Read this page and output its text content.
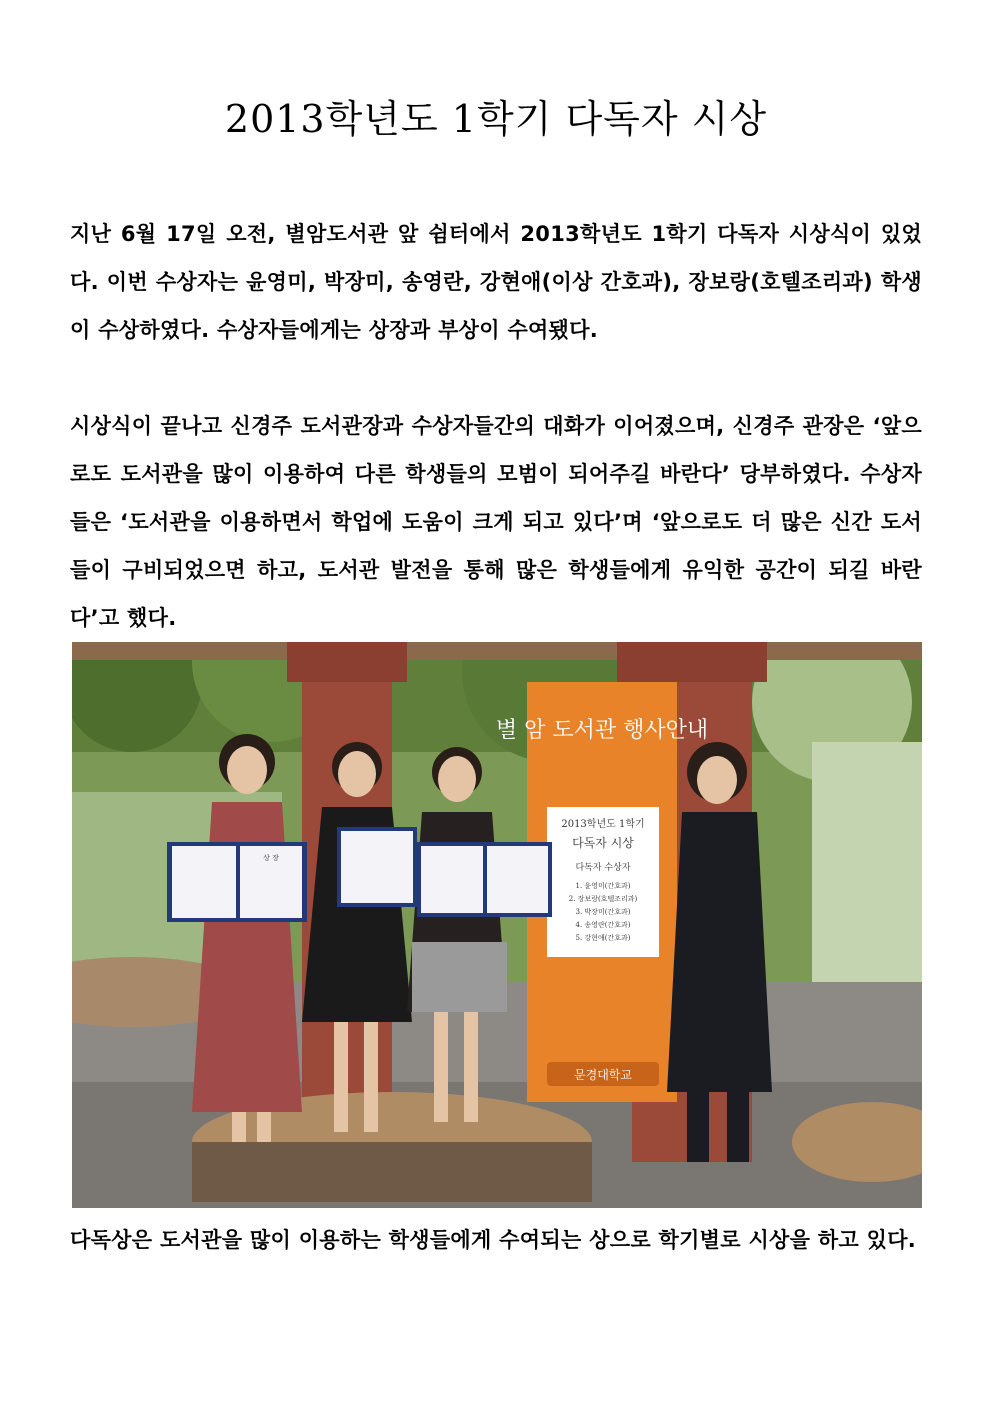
2013학년도 1학기 다독자 시상

지난 6월 17일 오전, 별암도서관 앞 쉼터에서 2013학년도 1학기 다독자 시상식이 있었다. 이번 수상자는 윤영미, 박장미, 송영란, 강현애(이상 간호과), 장보랑(호텔조리과) 학생이 수상하였다. 수상자들에게는 상장과 부상이 수여됐다.

시상식이 끝나고 신경주 도서관장과 수상자들간의 대화가 이어졌으며, 신경주 관장은 ‘앞으로도 도서관을 많이 이용하여 다른 학생들의 모범이 되어주길 바란다’ 당부하였다. 수상자들은 ‘도서관을 이용하면서 학업에 도움이 크게 되고 있다’며 ‘앞으로도 더 많은 신간 도서들이 구비되었으면 하고, 도서관 발전을 통해 많은 학생들에게 유익한 공간이 되길 바란다’고 했다.

별 암 도서관 행사안내
2013학년도 1학기
다독자 시상
다독자 수상자
1. 윤영미(간호과)
2. 장보랑(호텔조리과)
3. 박장미(간호과)
4. 송영란(간호과)
5. 강현애(간호과)
문경대학교
상 장

다독상은 도서관을 많이 이용하는 학생들에게 수여되는 상으로 학기별로 시상을 하고 있다.
